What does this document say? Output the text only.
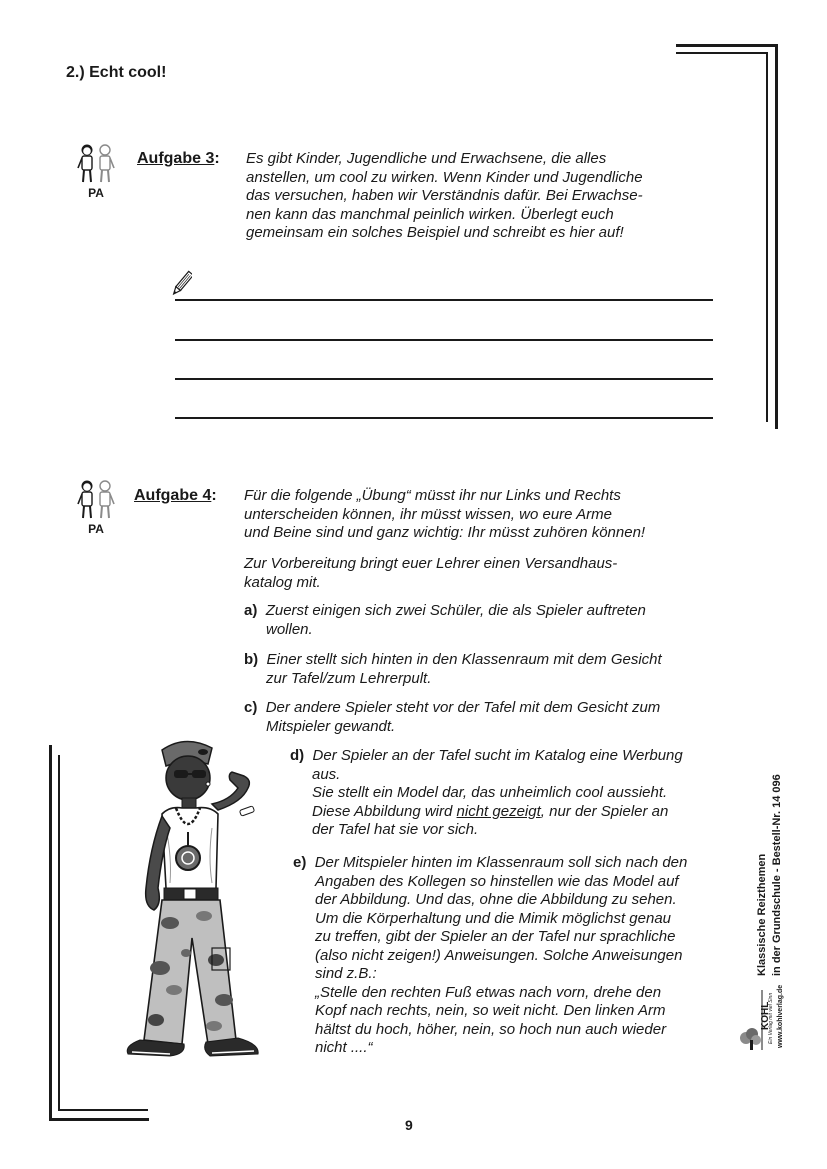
2.) Echt cool!
PA
Aufgabe 3: Es gibt Kinder, Jugendliche und Erwachsene, die alles

anstellen, um cool zu wirken. Wenn Kinder und Jugendliche

das versuchen, haben wir Verständnis dafür. Bei Erwachse-

nen kann das manchmal peinlich wirken. Überlegt euch

gemeinsam ein solches Beispiel und schreibt es hier auf!

PA
Aufgabe 4: Für die folgende „Übung“ müsst ihr nur Links und Rechts

unterscheiden können, ihr müsst wissen, wo eure Arme

und Beine sind und ganz wichtig: Ihr müsst zuhören können!

Zur Vorbereitung bringt euer Lehrer einen Versandhaus-

katalog mit.

a) Zuerst einigen sich zwei Schüler, die als Spieler auftreten
wollen.
b) Einer stellt sich hinten in den Klassenraum mit dem Gesicht
zur Tafel/zum Lehrerpult.
c) Der andere Spieler steht vor der Tafel mit dem Gesicht zum
Mitspieler gewandt.
d) Der Spieler an der Tafel sucht im Katalog eine Werbung
aus.
Sie stellt ein Model dar, das unheimlich cool aussieht.
Diese Abbildung wird nicht gezeigt, nur der Spieler an
der Tafel hat sie vor sich.
e) Der Mitspieler hinten im Klassenraum soll sich nach den
Angaben des Kollegen so hinstellen wie das Model auf
der Abbildung. Und das, ohne die Abbildung zu sehen.
Um die Körperhaltung und die Mimik möglichst genau
zu treffen, gibt der Spieler an der Tafel nur sprachliche
(also nicht zeigen!) Anweisungen. Solche Anweisungen
sind z.B.:
„Stelle den rechten Fuß etwas nach vorn, drehe den
Kopf nach rechts, nein, so weit nicht. Den linken Arm
hältst du hoch, höher, nein, so hoch nun auch wieder
nicht ....“
Klassische Reizthemen in der Grundschule - Bestell-Nr. 14 096
www.kohlverlag.de
KOHL
Ein Verlag mit viel Sinn
9
